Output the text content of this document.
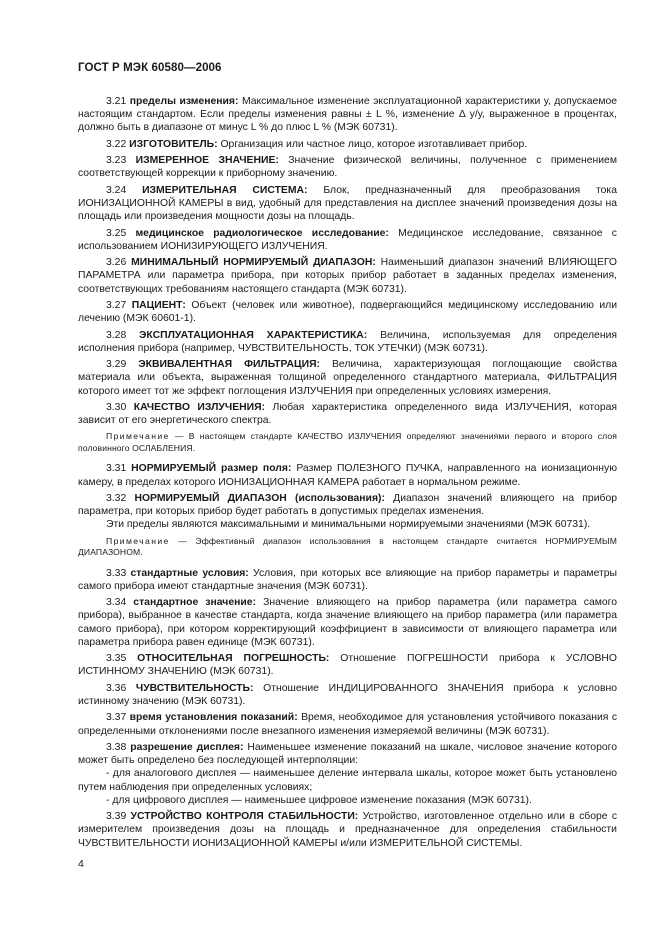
ГОСТ Р МЭК 60580—2006

3.21 пределы изменения: Максимальное изменение эксплуатационной характеристики у, допускаемое настоящим стандартом. Если пределы изменения равны ± L %, изменение Δ y/y, выраженное в процентах, должно быть в диапазоне от минус L % до плюс L % (МЭК 60731).

3.22 ИЗГОТОВИТЕЛЬ: Организация или частное лицо, которое изготавливает прибор.

3.23 ИЗМЕРЕННОЕ ЗНАЧЕНИЕ: Значение физической величины, полученное с применением соответствующей коррекции к приборному значению.

3.24 ИЗМЕРИТЕЛЬНАЯ СИСТЕМА: Блок, предназначенный для преобразования тока ИОНИЗАЦИОННОЙ КАМЕРЫ в вид, удобный для представления на дисплее значений произведения дозы на площадь или произведения мощности дозы на площадь.

3.25 медицинское радиологическое исследование: Медицинское исследование, связанное с использованием ИОНИЗИРУЮЩЕГО ИЗЛУЧЕНИЯ.

3.26 МИНИМАЛЬНЫЙ НОРМИРУЕМЫЙ ДИАПАЗОН: Наименьший диапазон значений ВЛИЯЮЩЕГО ПАРАМЕТРА или параметра прибора, при которых прибор работает в заданных пределах изменения, соответствующих требованиям настоящего стандарта (МЭК 60731).

3.27 ПАЦИЕНТ: Объект (человек или животное), подвергающийся медицинскому исследованию или лечению (МЭК 60601-1).

3.28 ЭКСПЛУАТАЦИОННАЯ ХАРАКТЕРИСТИКА: Величина, используемая для определения исполнения прибора (например, ЧУВСТВИТЕЛЬНОСТЬ, ТОК УТЕЧКИ) (МЭК 60731).

3.29 ЭКВИВАЛЕНТНАЯ ФИЛЬТРАЦИЯ: Величина, характеризующая поглощающие свойства материала или объекта, выраженная толщиной определенного стандартного материала, ФИЛЬТРАЦИЯ которого имеет тот же эффект поглощения ИЗЛУЧЕНИЯ при определенных условиях измерения.

3.30 КАЧЕСТВО ИЗЛУЧЕНИЯ: Любая характеристика определенного вида ИЗЛУЧЕНИЯ, которая зависит от его энергетического спектра.

Примечание — В настоящем стандарте КАЧЕСТВО ИЗЛУЧЕНИЯ определяют значениями первого и второго слоя половинного ОСЛАБЛЕНИЯ.

3.31 НОРМИРУЕМЫЙ размер поля: Размер ПОЛЕЗНОГО ПУЧКА, направленного на ионизационную камеру, в пределах которого ИОНИЗАЦИОННАЯ КАМЕРА работает в нормальном режиме.

3.32 НОРМИРУЕМЫЙ ДИАПАЗОН (использования): Диапазон значений влияющего на прибор параметра, при которых прибор будет работать в допустимых пределах изменения.

Эти пределы являются максимальными и минимальными нормируемыми значениями (МЭК 60731).

Примечание — Эффективный диапазон использования в настоящем стандарте считается НОРМИРУЕМЫМ ДИАПАЗОНОМ.

3.33 стандартные условия: Условия, при которых все влияющие на прибор параметры и параметры самого прибора имеют стандартные значения (МЭК 60731).

3.34 стандартное значение: Значение влияющего на прибор параметра (или параметра самого прибора), выбранное в качестве стандарта, когда значение влияющего на прибор параметра (или параметра самого прибора), при котором корректирующий коэффициент в зависимости от влияющего параметра или параметра прибора равен единице (МЭК 60731).

3.35 ОТНОСИТЕЛЬНАЯ ПОГРЕШНОСТЬ: Отношение ПОГРЕШНОСТИ прибора к УСЛОВНО ИСТИННОМУ ЗНАЧЕНИЮ (МЭК 60731).

3.36 ЧУВСТВИТЕЛЬНОСТЬ: Отношение ИНДИЦИРОВАННОГО ЗНАЧЕНИЯ прибора к условно истинному значению (МЭК 60731).

3.37 время установления показаний: Время, необходимое для установления устойчивого показания с определенными отклонениями после внезапного изменения измеряемой величины (МЭК 60731).

3.38 разрешение дисплея: Наименьшее изменение показаний на шкале, числовое значение которого может быть определено без последующей интерполяции:

- для аналогового дисплея — наименьшее деление интервала шкалы, которое может быть установлено путем наблюдения при определенных условиях;

- для цифрового дисплея — наименьшее цифровое изменение показания (МЭК 60731).

3.39 УСТРОЙСТВО КОНТРОЛЯ СТАБИЛЬНОСТИ: Устройство, изготовленное отдельно или в сборе с измерителем произведения дозы на площадь и предназначенное для определения стабильности ЧУВСТВИТЕЛЬНОСТИ ИОНИЗАЦИОННОЙ КАМЕРЫ и/или ИЗМЕРИТЕЛЬНОЙ СИСТЕМЫ.

4
